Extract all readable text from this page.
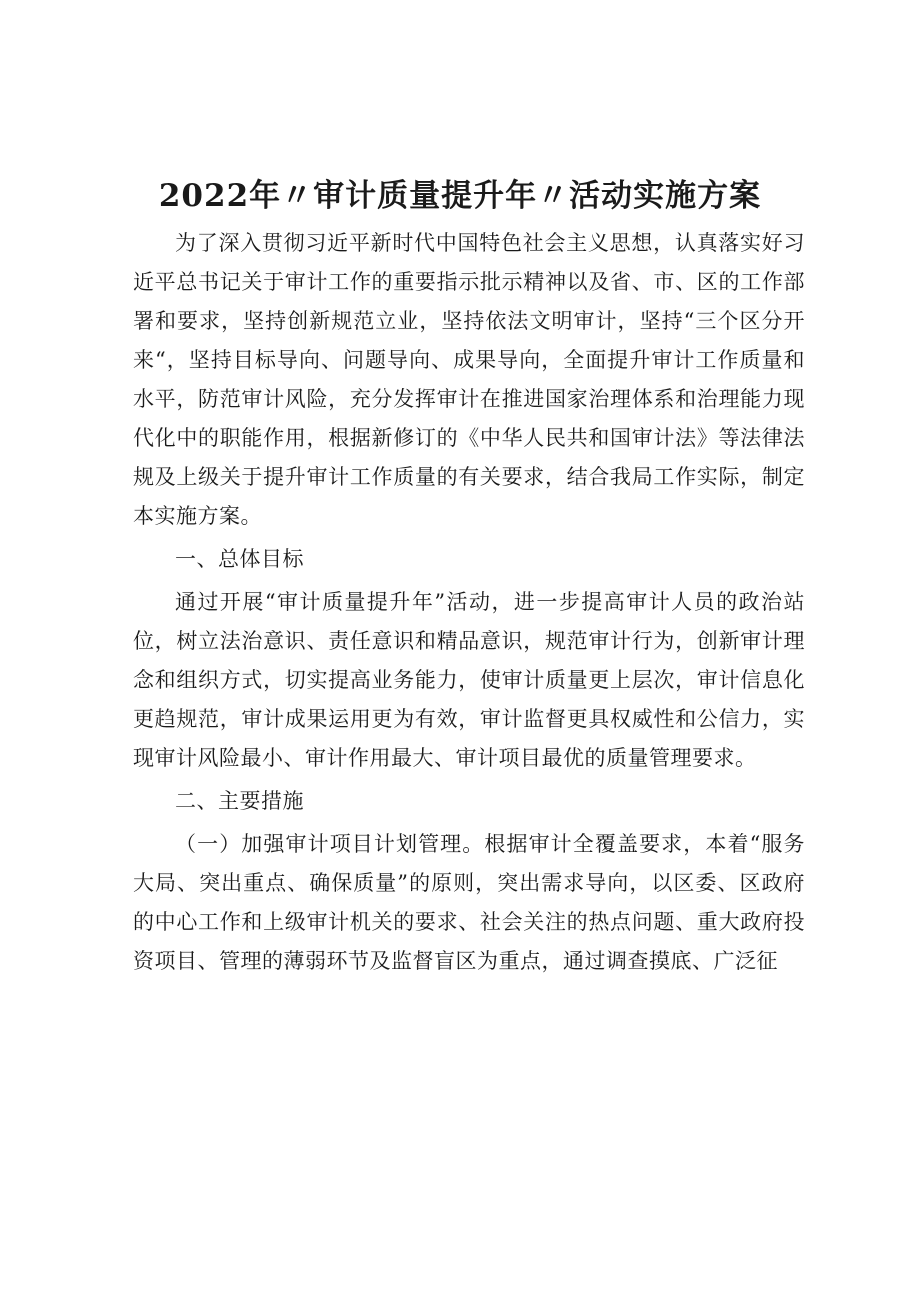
2022年〃审计质量提升年〃活动实施方案

为了深入贯彻习近平新时代中国特色社会主义思想，认真落实好习近平总书记关于审计工作的重要指示批示精神以及省、市、区的工作部署和要求，坚持创新规范立业，坚持依法文明审计，坚持“三个区分开来“，坚持目标导向、问题导向、成果导向，全面提升审计工作质量和水平，防范审计风险，充分发挥审计在推进国家治理体系和治理能力现代化中的职能作用，根据新修订的《中华人民共和国审计法》等法律法规及上级关于提升审计工作质量的有关要求，结合我局工作实际，制定本实施方案。

一、总体目标

通过开展“审计质量提升年”活动，进一步提高审计人员的政治站位，树立法治意识、责任意识和精品意识，规范审计行为，创新审计理念和组织方式，切实提高业务能力，使审计质量更上层次，审计信息化更趋规范，审计成果运用更为有效，审计监督更具权威性和公信力，实现审计风险最小、审计作用最大、审计项目最优的质量管理要求。

二、主要措施

（一）加强审计项目计划管理。根据审计全覆盖要求，本着“服务大局、突出重点、确保质量”的原则，突出需求导向，以区委、区政府的中心工作和上级审计机关的要求、社会关注的热点问题、重大政府投资项目、管理的薄弱环节及监督盲区为重点，通过调查摸底、广泛征
